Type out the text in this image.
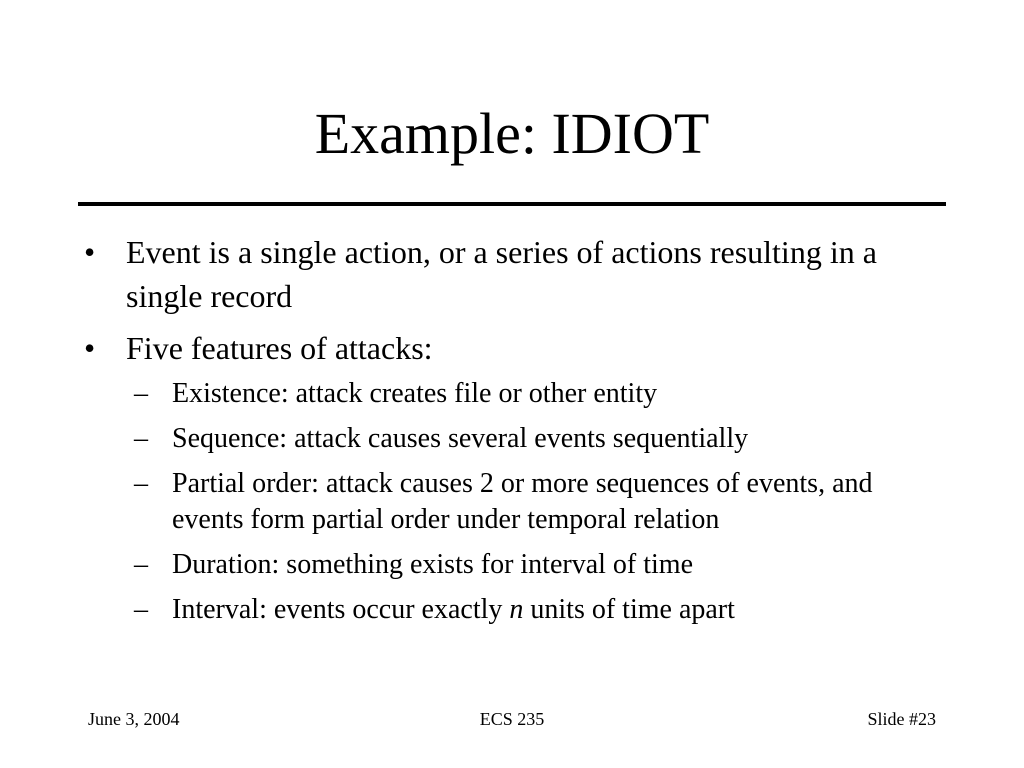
Example: IDIOT
• Event is a single action, or a series of actions resulting in a single record
• Five features of attacks:
– Existence: attack creates file or other entity
– Sequence: attack causes several events sequentially
– Partial order: attack causes 2 or more sequences of events, and events form partial order under temporal relation
– Duration: something exists for interval of time
– Interval: events occur exactly n units of time apart
June 3, 2004	ECS 235	Slide #23
